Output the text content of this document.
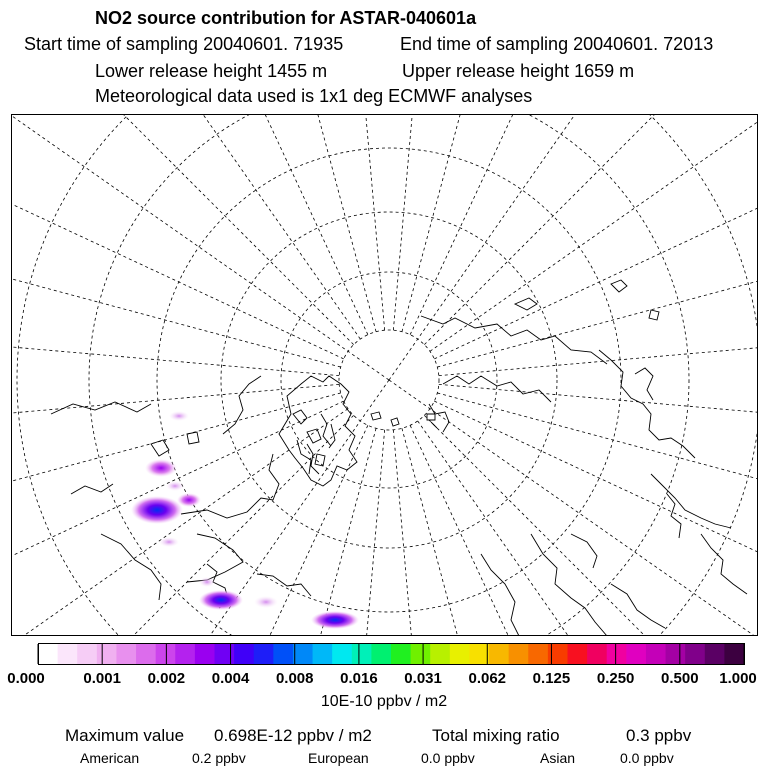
NO2 source contribution for ASTAR-040601a
Start time of sampling 20040601. 71935	End time of sampling 20040601. 72013
Lower release height 1455 m	Upper release height 1659 m
Meteorological data used is 1x1 deg ECMWF analyses
0.000	0.001 0.002 0.004 0.008 0.016 0.031 0.062 0.125 0.250 0.500 1.000
10E-10 ppbv / m2
Maximum value 0.698E-12 ppbv / m2	Total mixing ratio	0.3 ppbv
American	0.2 ppbv	European	0.0 ppbv	Asian	0.0 ppbv
